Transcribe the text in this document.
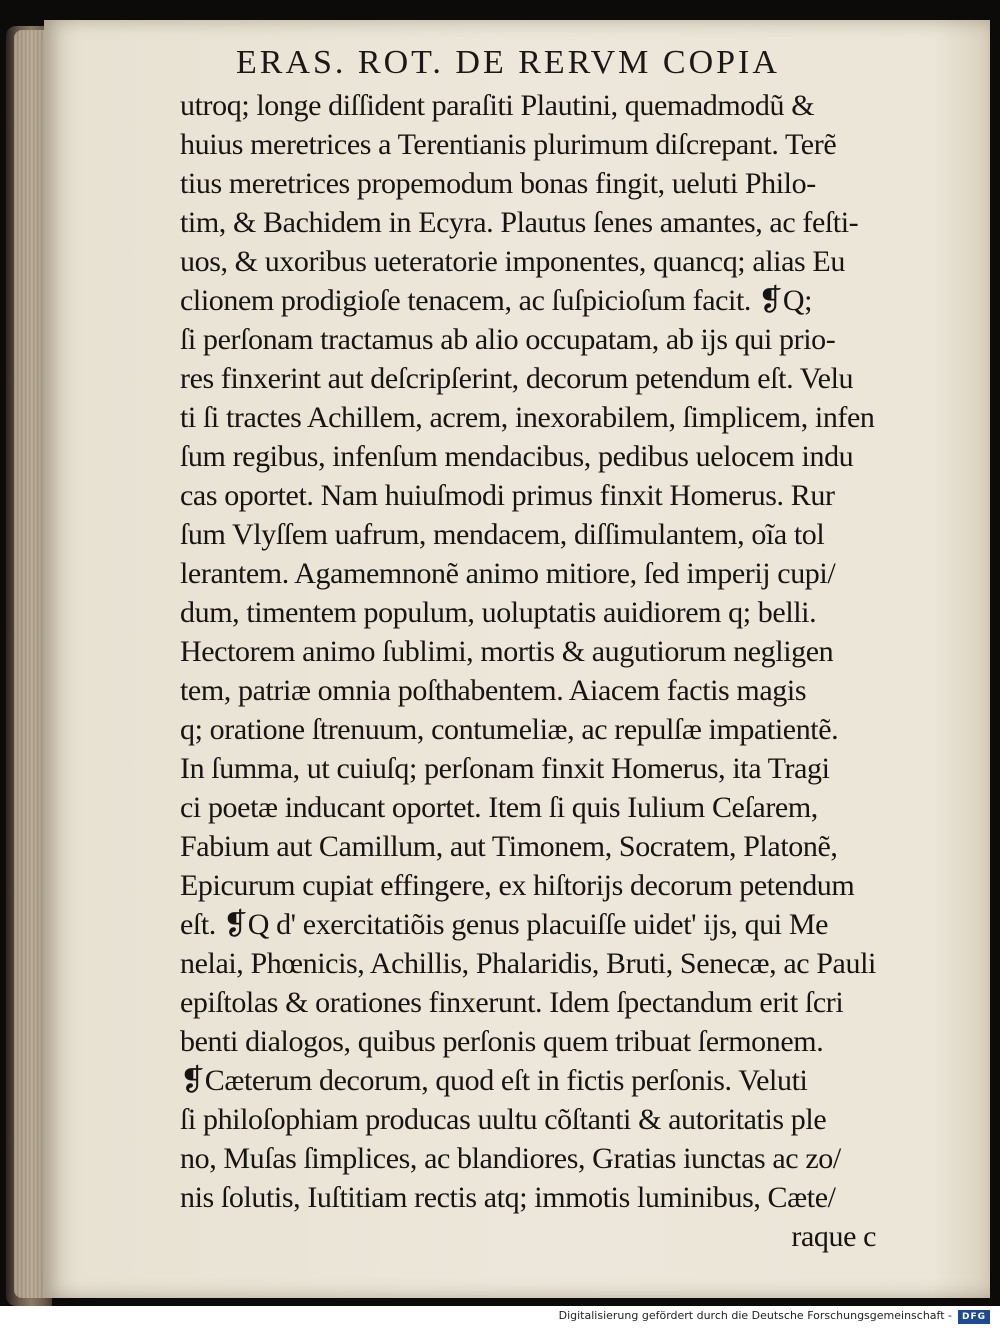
ERAS. ROT. DE RERVM COPIA
utroq; longe diſſident paraſiti Plautini, quemadmodũ &
huius meretrices a Terentianis plurimum diſcrepant. Terẽ
tius meretrices propemodum bonas fingit, ueluti Philo-
tim, & Bachidem in Ecyra. Plautus ſenes amantes, ac feſti-
uos, & uxoribus ueteratorie imponentes, quancq; alias Eu
clionem prodigioſe tenacem, ac ſuſpicioſum facit. ❡Q;
ſi perſonam tractamus ab alio occupatam, ab ijs qui prio-
res finxerint aut deſcripſerint, decorum petendum eſt. Velu
ti ſi tractes Achillem, acrem, inexorabilem, ſimplicem, infen
ſum regibus, infenſum mendacibus, pedibus uelocem indu
cas oportet. Nam huiuſmodi primus finxit Homerus. Rur
ſum Vlyſſem uafrum, mendacem, diſſimulantem, oĩa tol
lerantem. Agamemnonẽ animo mitiore, ſed imperij cupi/
dum, timentem populum, uoluptatis auidiorem q; belli.
Hectorem animo ſublimi, mortis & augutiorum negligen
tem, patriæ omnia poſthabentem. Aiacem factis magis
q; oratione ſtrenuum, contumeliæ, ac repulſæ impatientẽ.
In ſumma, ut cuiuſq; perſonam finxit Homerus, ita Tragi
ci poetæ inducant oportet. Item ſi quis Iulium Ceſarem,
Fabium aut Camillum, aut Timonem, Socratem, Platonẽ,
Epicurum cupiat effingere, ex hiſtorijs decorum petendum
eſt. ❡Q d' exercitatiõis genus placuiſſe uidet' ijs, qui Me
nelai, Phœnicis, Achillis, Phalaridis, Bruti, Senecæ, ac Pauli
epiſtolas & orationes finxerunt. Idem ſpectandum erit ſcri
benti dialogos, quibus perſonis quem tribuat ſermonem.
❡Cæterum decorum, quod eſt in fictis perſonis. Veluti
ſi philoſophiam producas uultu cõſtanti & autoritatis ple
no, Muſas ſimplices, ac blandiores, Gratias iunctas ac zo/
nis ſolutis, Iuſtitiam rectis atq; immotis luminibus, Cæte/
raque c
Digitalisierung gefördert durch die Deutsche Forschungsgemeinschaft -	DFG
